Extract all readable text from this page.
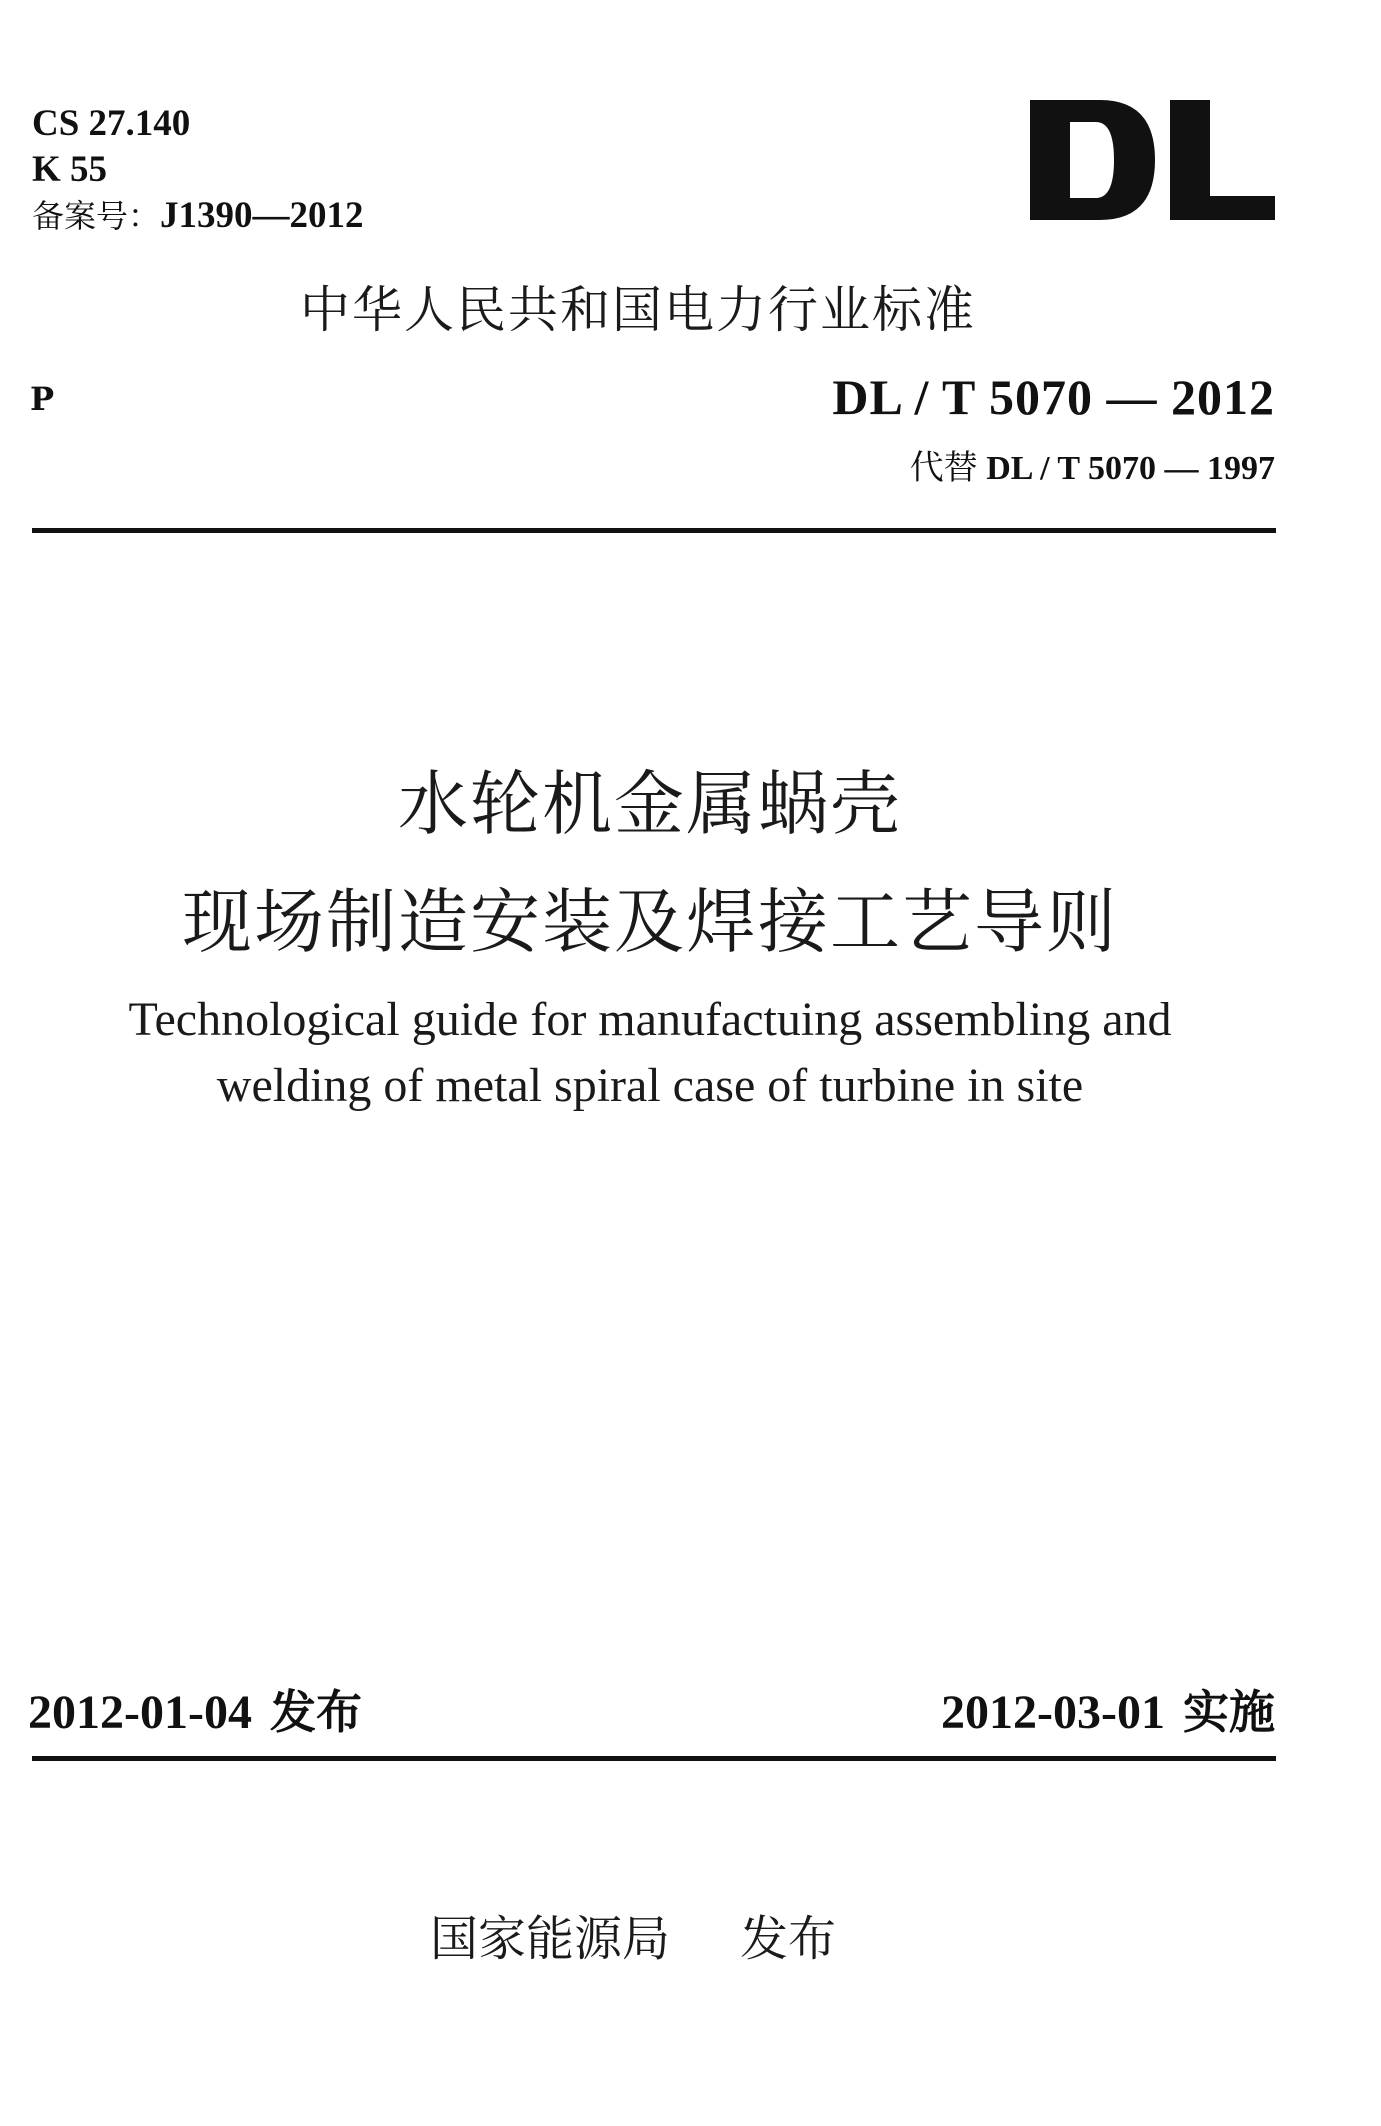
CS 27.140
Κ 55
备案号：J1390—2012
中华人民共和国电力行业标准
P	DL / T 5070 — 2012
代替 DL / T 5070 — 1997
水轮机金属蜗壳
现场制造安装及焊接工艺导则
Technological guide for manufactuing assembling and
welding of metal spiral case of turbine in site
2012-01-04 发布	2012-03-01 实施
国家能源局 发布
